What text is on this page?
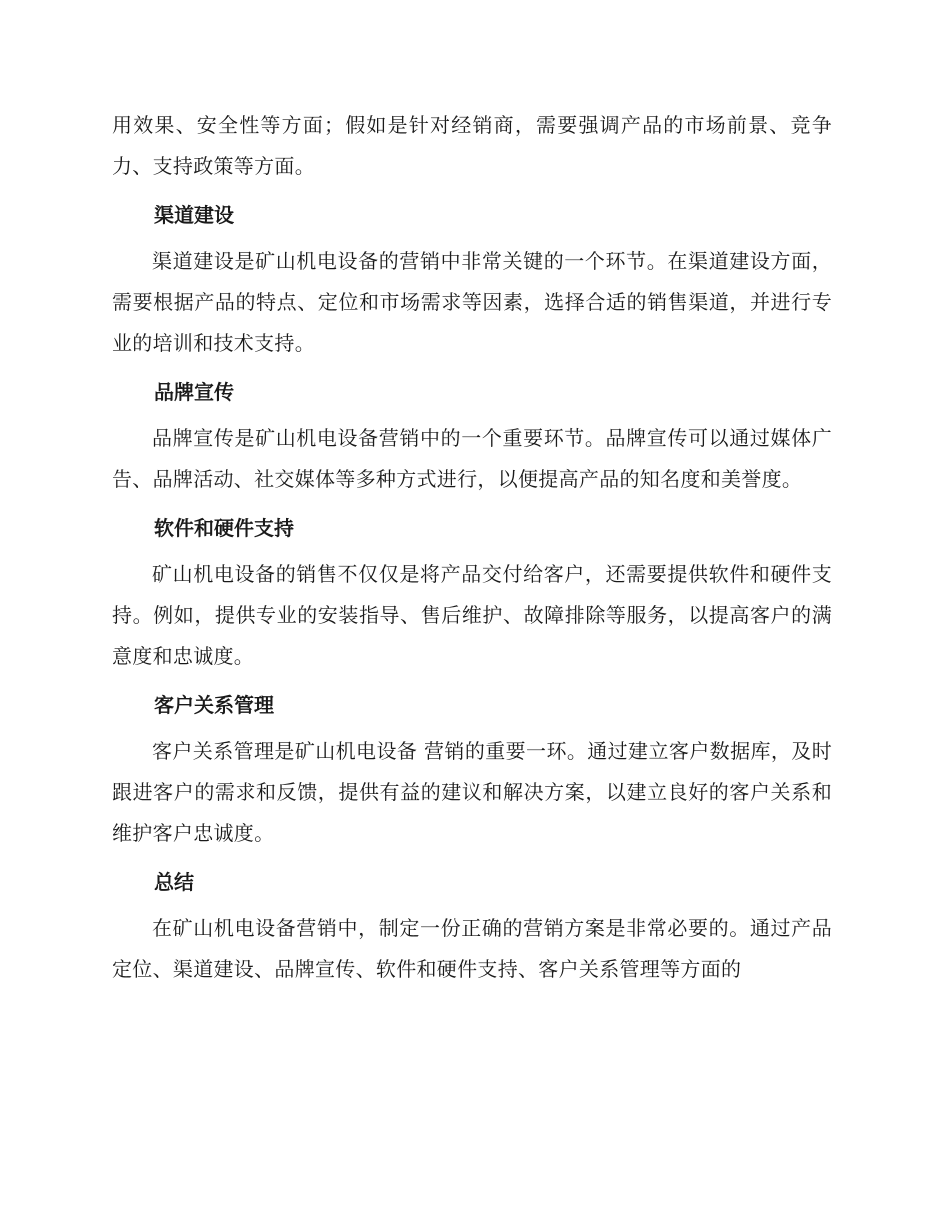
用效果、安全性等方面；假如是针对经销商，需要强调产品的市场前景、竞争力、支持政策等方面。

渠道建设

渠道建设是矿山机电设备的营销中非常关键的一个环节。在渠道建设方面，需要根据产品的特点、定位和市场需求等因素，选择合适的销售渠道，并进行专业的培训和技术支持。

品牌宣传

品牌宣传是矿山机电设备营销中的一个重要环节。品牌宣传可以通过媒体广告、品牌活动、社交媒体等多种方式进行，以便提高产品的知名度和美誉度。

软件和硬件支持

矿山机电设备的销售不仅仅是将产品交付给客户，还需要提供软件和硬件支持。例如，提供专业的安装指导、售后维护、故障排除等服务，以提高客户的满意度和忠诚度。

客户关系管理

客户关系管理是矿山机电设备 营销的重要一环。通过建立客户数据库，及时跟进客户的需求和反馈，提供有益的建议和解决方案，以建立良好的客户关系和维护客户忠诚度。

总结

在矿山机电设备营销中，制定一份正确的营销方案是非常必要的。通过产品定位、渠道建设、品牌宣传、软件和硬件支持、客户关系管理等方面的
